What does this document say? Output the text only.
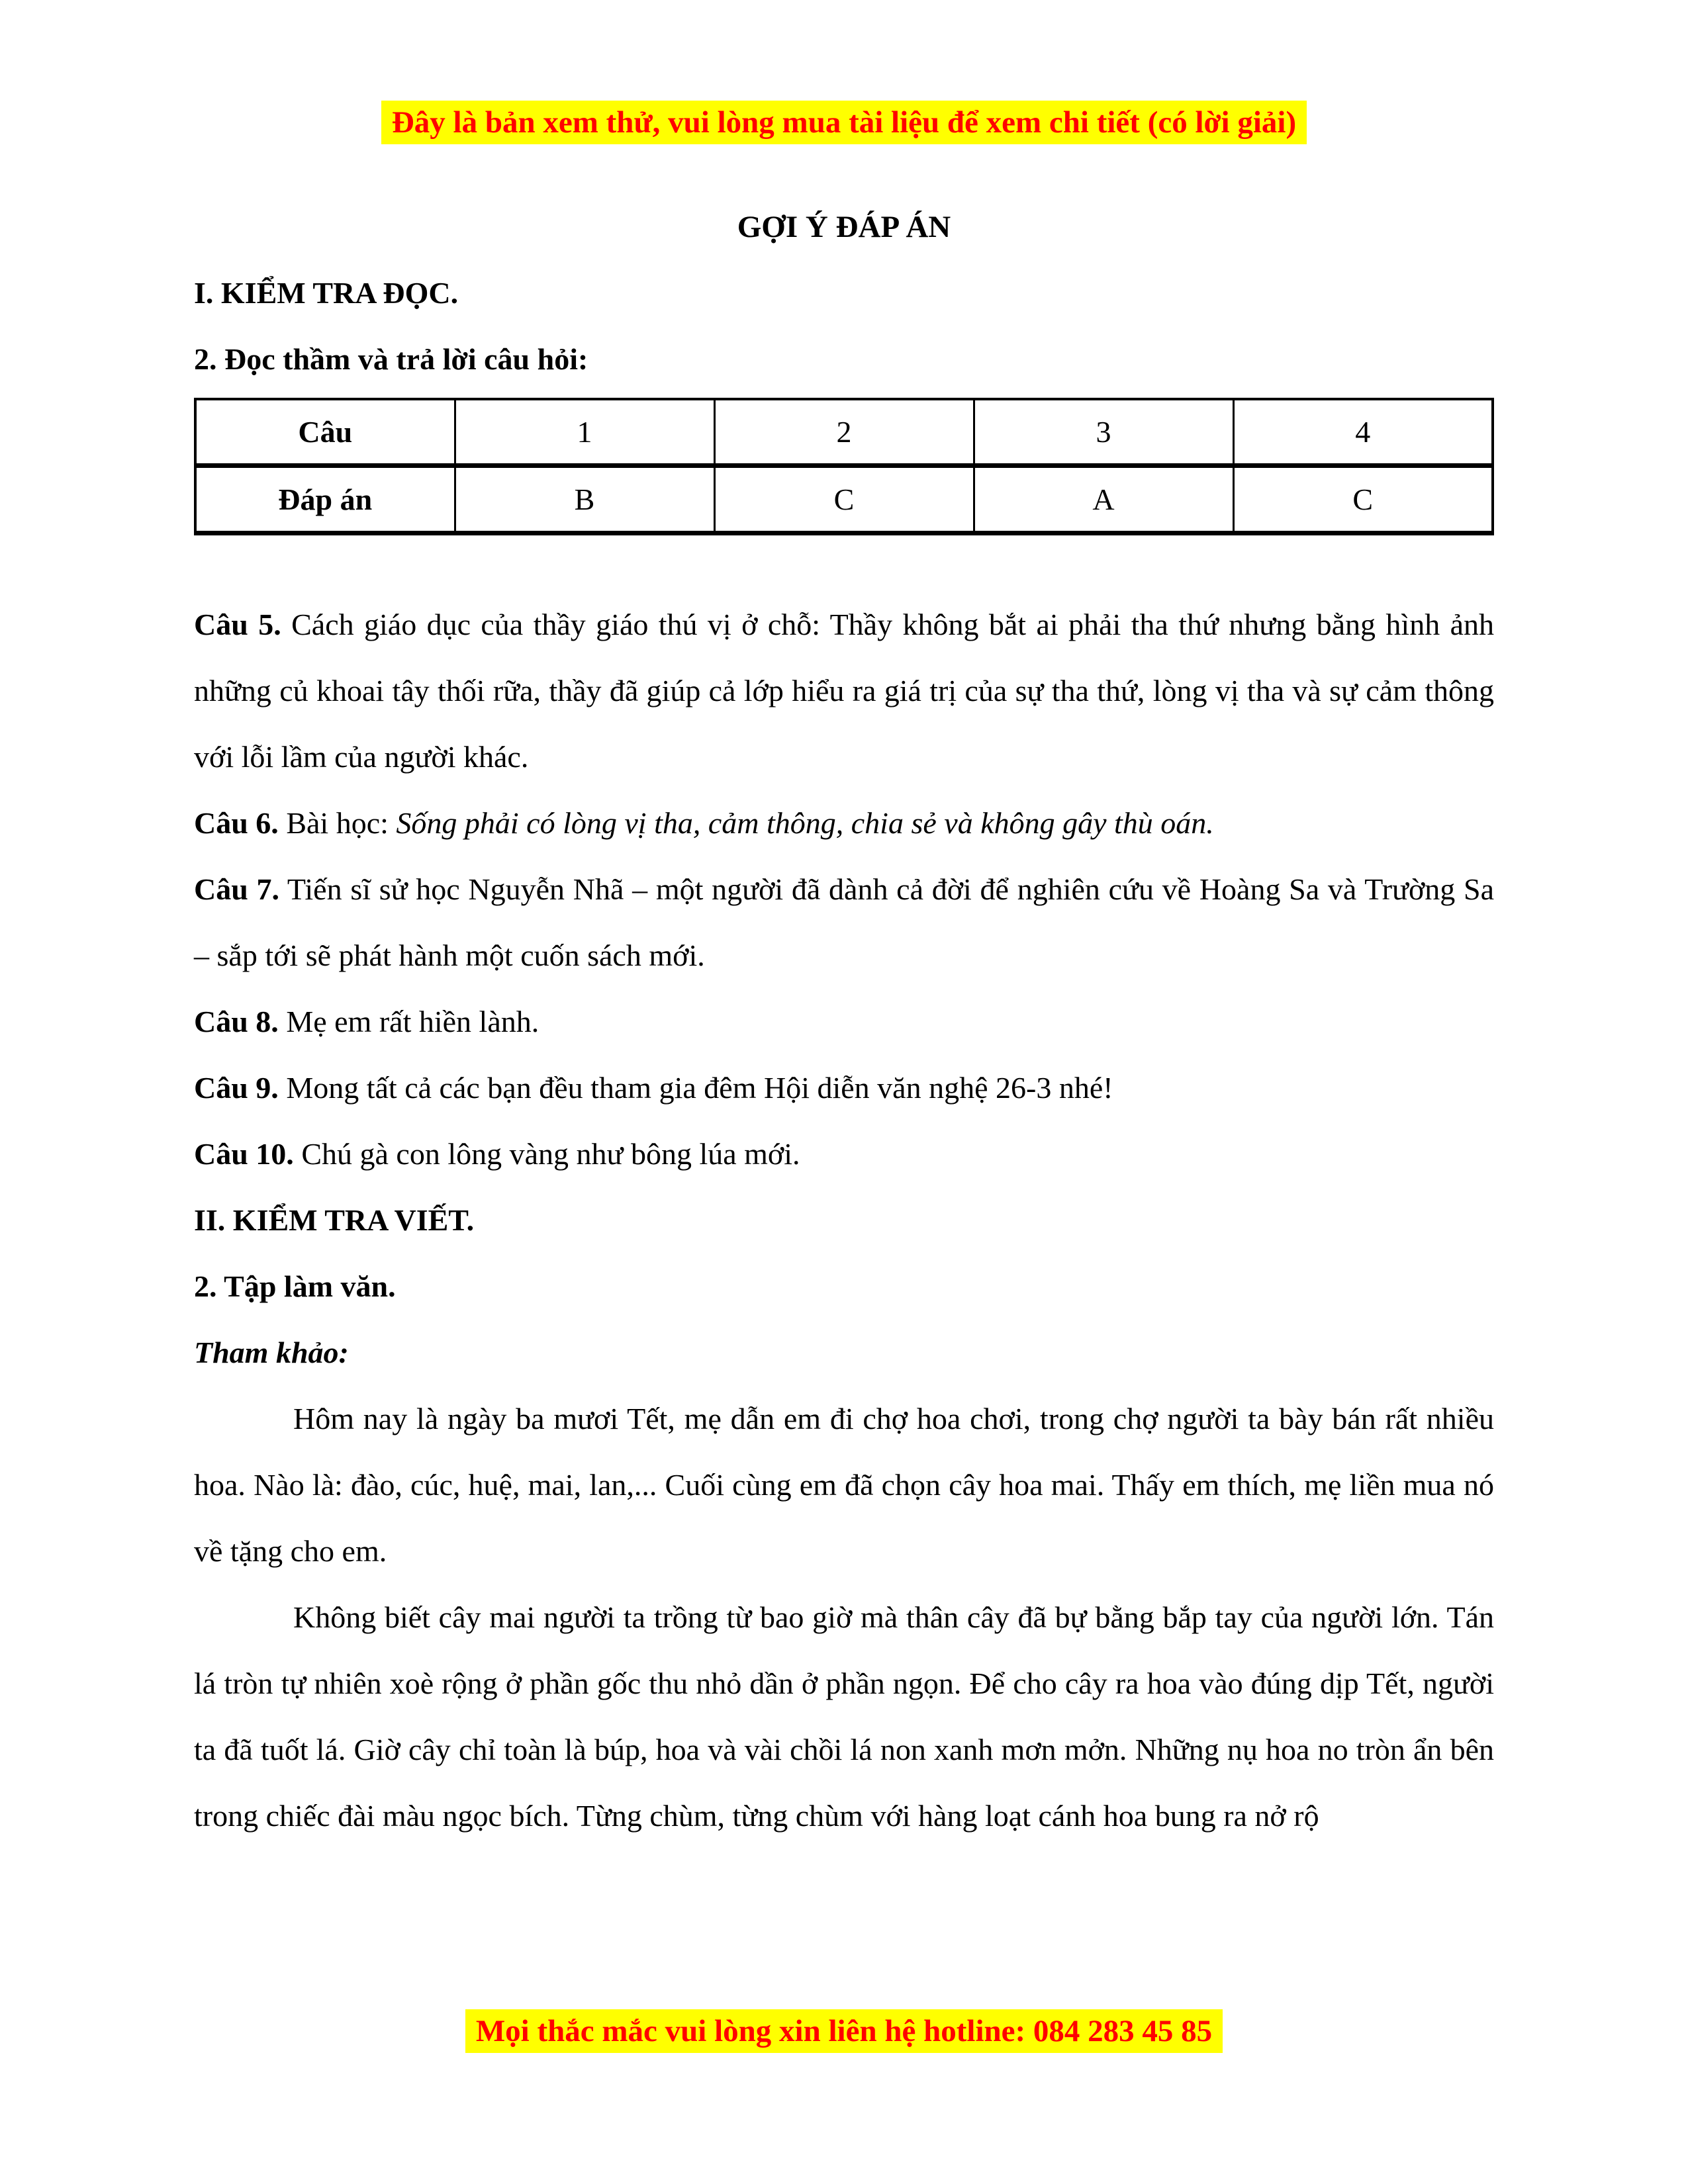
Đây là bản xem thử, vui lòng mua tài liệu để xem chi tiết (có lời giải)
GỢI Ý ĐÁP ÁN
I. KIỂM TRA ĐỌC.
2. Đọc thầm và trả lời câu hỏi:
Câu	1	2	3	4
Đáp án	B	C	A	C

Câu 5. Cách giáo dục của thầy giáo thú vị ở chỗ: Thầy không bắt ai phải tha thứ nhưng bằng hình ảnh những củ khoai tây thối rữa, thầy đã giúp cả lớp hiểu ra giá trị của sự tha thứ, lòng vị tha và sự cảm thông với lỗi lầm của người khác.

Câu 6. Bài học: Sống phải có lòng vị tha, cảm thông, chia sẻ và không gây thù oán.

Câu 7. Tiến sĩ sử học Nguyễn Nhã – một người đã dành cả đời để nghiên cứu về Hoàng Sa và Trường Sa – sắp tới sẽ phát hành một cuốn sách mới.

Câu 8. Mẹ em rất hiền lành.

Câu 9. Mong tất cả các bạn đều tham gia đêm Hội diễn văn nghệ 26-3 nhé!

Câu 10. Chú gà con lông vàng như bông lúa mới.

II. KIỂM TRA VIẾT.
2. Tập làm văn.

Tham khảo:

Hôm nay là ngày ba mươi Tết, mẹ dẫn em đi chợ hoa chơi, trong chợ người ta bày bán rất nhiều hoa. Nào là: đào, cúc, huệ, mai, lan,... Cuối cùng em đã chọn cây hoa mai. Thấy em thích, mẹ liền mua nó về tặng cho em.

Không biết cây mai người ta trồng từ bao giờ mà thân cây đã bự bằng bắp tay của người lớn. Tán lá tròn tự nhiên xoè rộng ở phần gốc thu nhỏ dần ở phần ngọn. Để cho cây ra hoa vào đúng dịp Tết, người ta đã tuốt lá. Giờ cây chỉ toàn là búp, hoa và vài chồi lá non xanh mơn mởn. Những nụ hoa no tròn ẩn bên trong chiếc đài màu ngọc bích. Từng chùm, từng chùm với hàng loạt cánh hoa bung ra nở rộ

Mọi thắc mắc vui lòng xin liên hệ hotline: 084 283 45 85
